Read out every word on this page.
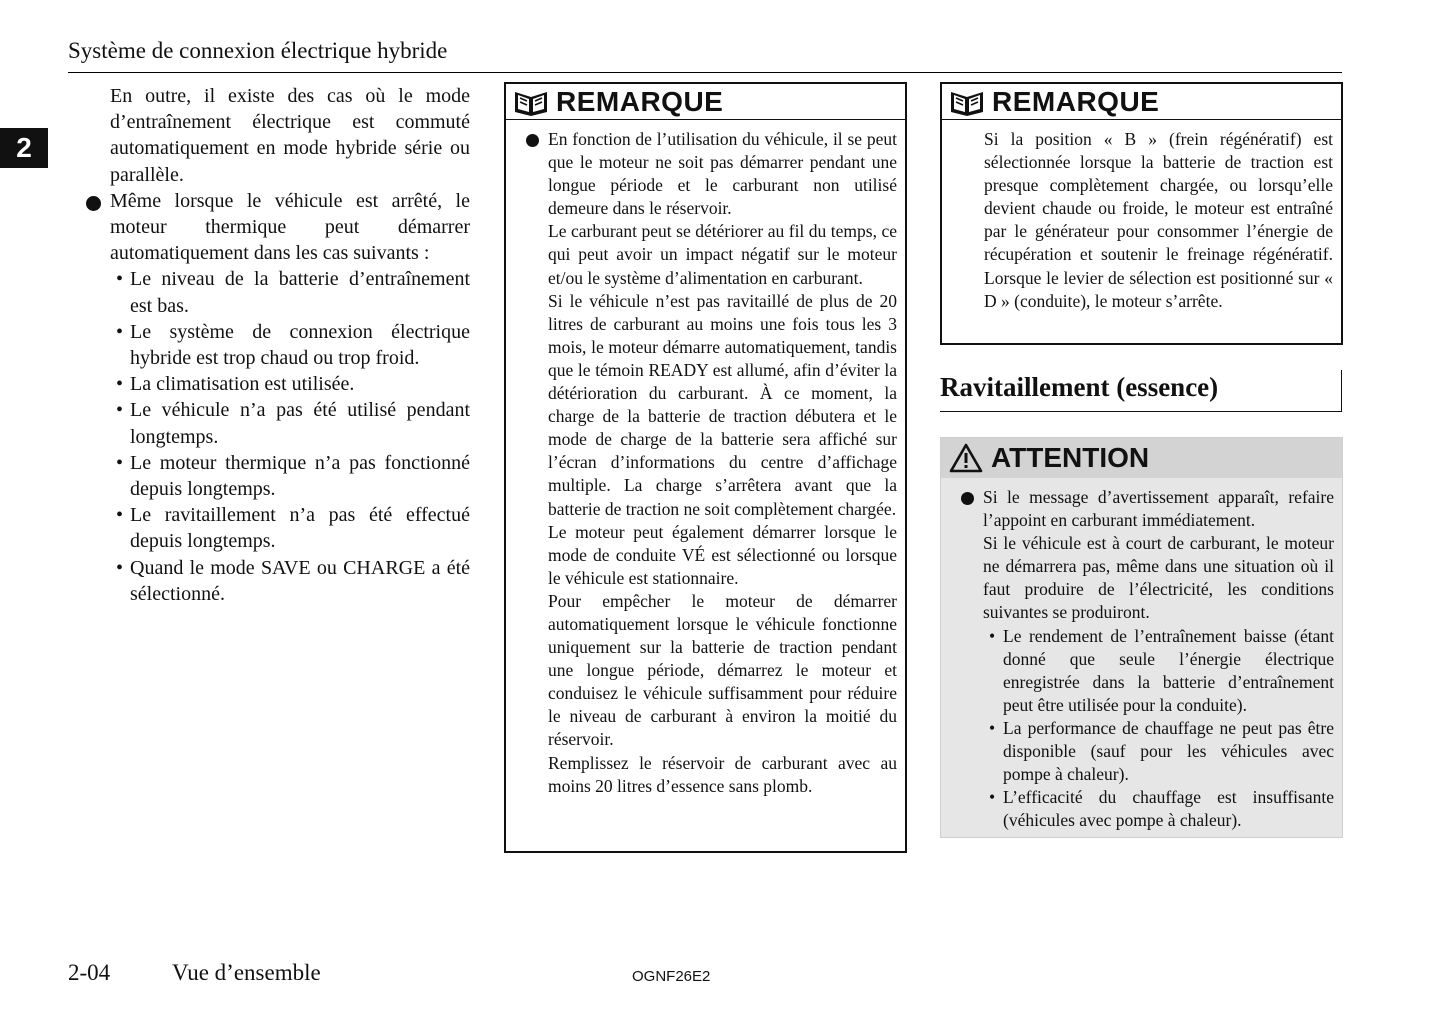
Système de connexion électrique hybride
2
En outre, il existe des cas où le mode d’entraînement électrique est commuté automatiquement en mode hybride série ou parallèle.
Même lorsque le véhicule est arrêté, le moteur thermique peut démarrer automatiquement dans les cas suivants :
• Le niveau de la batterie d’entraînement est bas.
• Le système de connexion électrique hybride est trop chaud ou trop froid.
• La climatisation est utilisée.
• Le véhicule n’a pas été utilisé pendant longtemps.
• Le moteur thermique n’a pas fonctionné depuis longtemps.
• Le ravitaillement n’a pas été effectué depuis longtemps.
• Quand le mode SAVE ou CHARGE a été sélectionné.
REMARQUE
En fonction de l’utilisation du véhicule, il se peut que le moteur ne soit pas démarrer pendant une longue période et le carburant non utilisé demeure dans le réservoir.
Le carburant peut se détériorer au fil du temps, ce qui peut avoir un impact négatif sur le moteur et/ou le système d’alimentation en carburant.
Si le véhicule n’est pas ravitaillé de plus de 20 litres de carburant au moins une fois tous les 3 mois, le moteur démarre automatiquement, tandis que le témoin READY est allumé, afin d’éviter la détérioration du carburant. À ce moment, la charge de la batterie de traction débutera et le mode de charge de la batterie sera affiché sur l’écran d’informations du centre d’affichage multiple. La charge s’arrêtera avant que la batterie de traction ne soit complètement chargée.
Le moteur peut également démarrer lorsque le mode de conduite VÉ est sélectionné ou lorsque le véhicule est stationnaire.
Pour empêcher le moteur de démarrer automatiquement lorsque le véhicule fonctionne uniquement sur la batterie de traction pendant une longue période, démarrez le moteur et conduisez le véhicule suffisamment pour réduire le niveau de carburant à environ la moitié du réservoir.
Remplissez le réservoir de carburant avec au moins 20 litres d’essence sans plomb.
REMARQUE
Si la position « B » (frein régénératif) est sélectionnée lorsque la batterie de traction est presque complètement chargée, ou lorsqu’elle devient chaude ou froide, le moteur est entraîné par le générateur pour consommer l’énergie de récupération et soutenir le freinage régénératif. Lorsque le levier de sélection est positionné sur « D » (conduite), le moteur s’arrête.
Ravitaillement (essence)
ATTENTION
Si le message d’avertissement apparaît, refaire l’appoint en carburant immédiatement.
Si le véhicule est à court de carburant, le moteur ne démarrera pas, même dans une situation où il faut produire de l’électricité, les conditions suivantes se produiront.
• Le rendement de l’entraînement baisse (étant donné que seule l’énergie électrique enregistrée dans la batterie d’entraînement peut être utilisée pour la conduite).
• La performance de chauffage ne peut pas être disponible (sauf pour les véhicules avec pompe à chaleur).
• L’efficacité du chauffage est insuffisante (véhicules avec pompe à chaleur).
2-04	Vue d’ensemble	OGNF26E2
